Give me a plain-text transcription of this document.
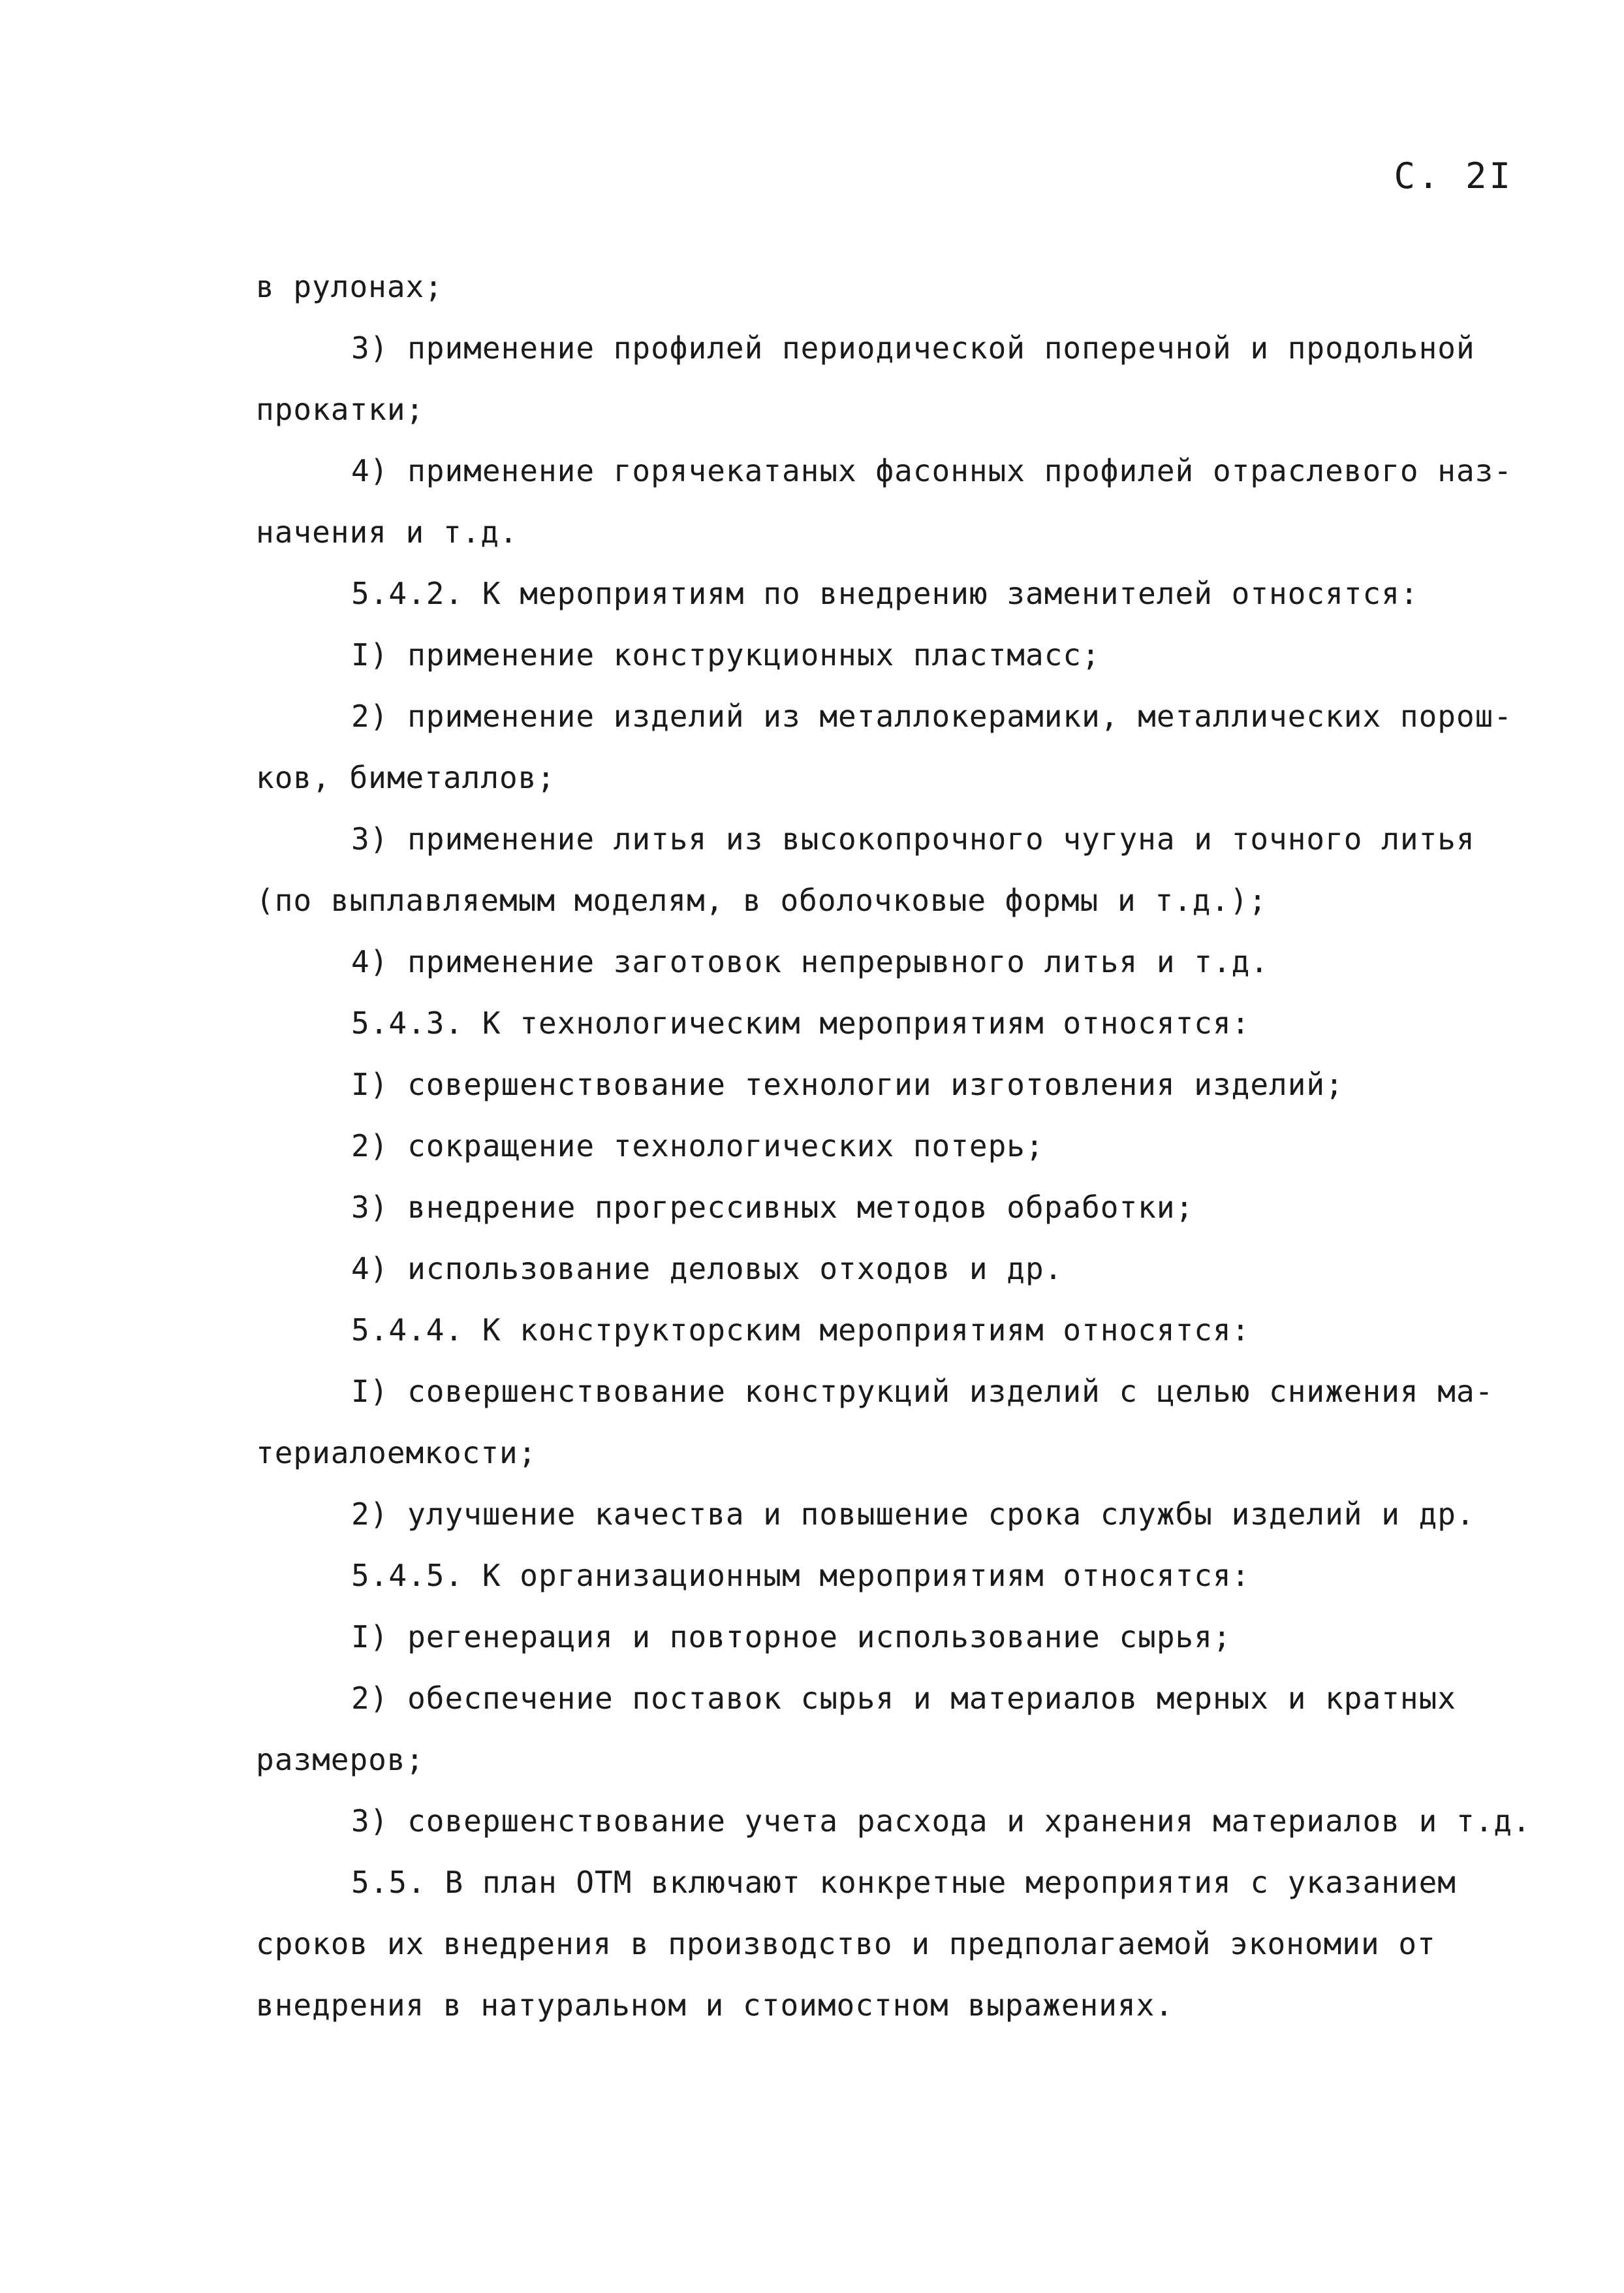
С. 2I
в рулонах;
3) применение профилей периодической поперечной и продольной
прокатки;
4) применение горячекатаных фасонных профилей отраслевого наз-
начения и т.д.
5.4.2. К мероприятиям по внедрению заменителей относятся:
I) применение конструкционных пластмасс;
2) применение изделий из металлокерамики, металлических порош-
ков, биметаллов;
3) применение литья из высокопрочного чугуна и точного литья
(по выплавляемым моделям, в оболочковые формы и т.д.);
4) применение заготовок непрерывного литья и т.д.
5.4.3. К технологическим мероприятиям относятся:
I) совершенствование технологии изготовления изделий;
2) сокращение технологических потерь;
3) внедрение прогрессивных методов обработки;
4) использование деловых отходов и др.
5.4.4. К конструкторским мероприятиям относятся:
I) совершенствование конструкций изделий с целью снижения ма-
териалоемкости;
2) улучшение качества и повышение срока службы изделий и др.
5.4.5. К организационным мероприятиям относятся:
I) регенерация и повторное использование сырья;
2) обеспечение поставок сырья и материалов мерных и кратных
размеров;
3) совершенствование учета расхода и хранения материалов и т.д.
5.5. В план ОТМ включают конкретные мероприятия с указанием
сроков их внедрения в производство и предполагаемой экономии от
внедрения в натуральном и стоимостном выражениях.
